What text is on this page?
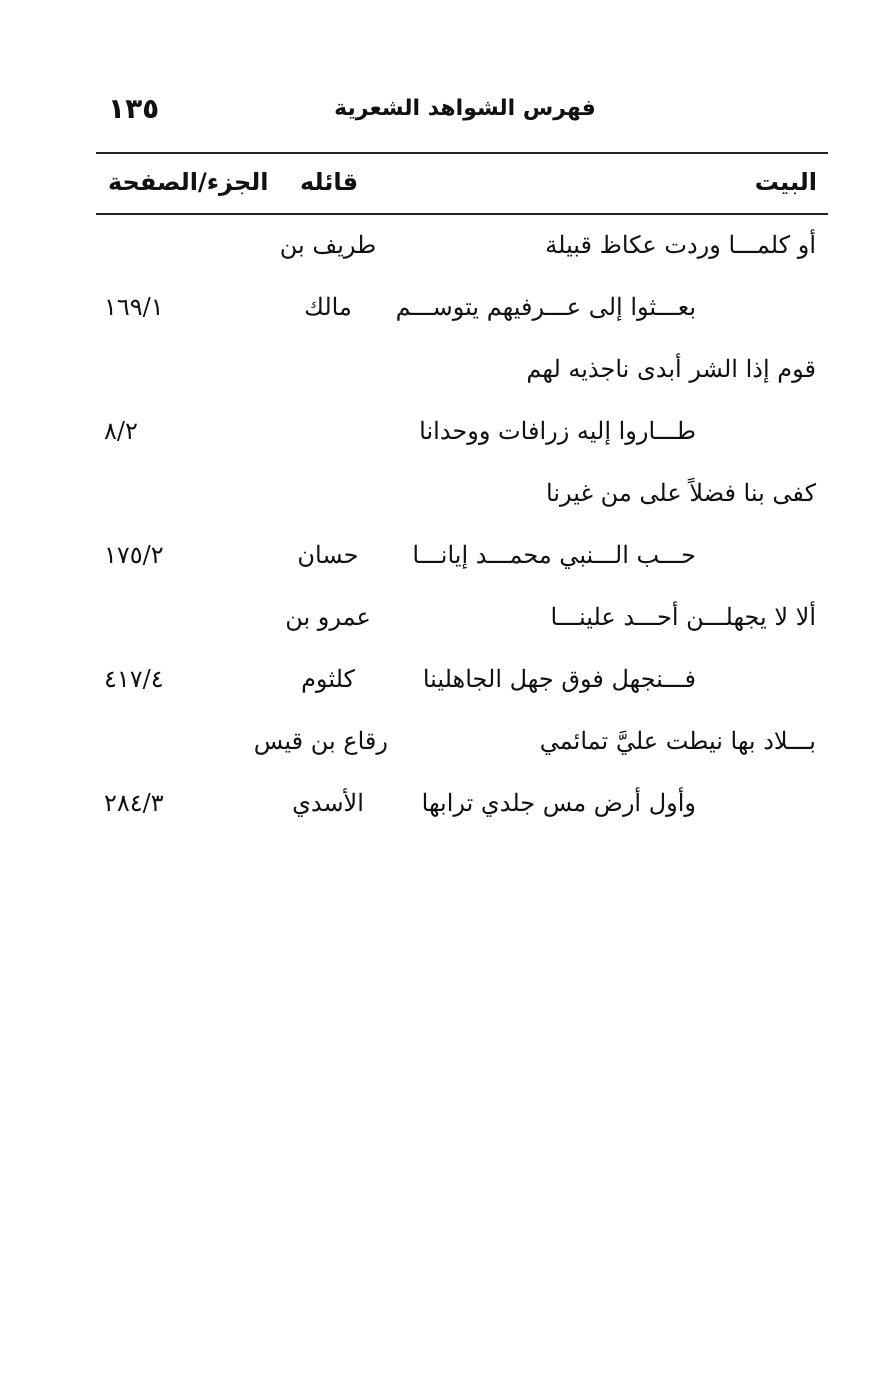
١٣٥	فهرس الشواهد الشعرية
البيت
قائله
الجزء/الصفحة
أو كلمـــا وردت عكاظ قبيلة
طريف بن
بعـــثوا إلى عـــرفيهم يتوســـم
مالك
١٦٩/١
قوم إذا الشر أبدى ناجذيه لهم
طـــاروا إليه زرافات ووحدانا
٨/٢
كفى بنا فضلاً على من غيرنا
حـــب الـــنبي محمـــد إيانـــا
حسان
١٧٥/٢
ألا لا يجهلـــن أحـــد علينـــا
عمرو بن
فـــنجهل فوق جهل الجاهلينا
كلثوم
٤١٧/٤
بـــلاد بها نيطت عليَّ تمائمي
رقاع بن قيس
وأول أرض مس جلدي ترابها
الأسدي
٢٨٤/٣
